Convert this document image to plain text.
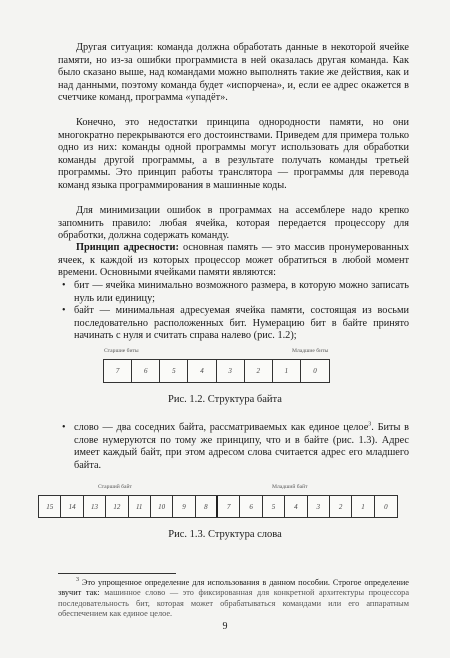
Другая ситуация: команда должна обработать данные в некоторой ячейке памяти, но из-за ошибки программиста в ней оказалась другая команда. Как было сказано выше, над командами можно выполнять такие же действия, как и над данными, поэтому команда будет «испорчена», и, если ее адрес окажется в счетчике команд, программа «упадёт».

Конечно, это недостатки принципа однородности памяти, но они многократно перекрываются его достоинствами. Приведем для примера только одно из них: команды одной программы могут использовать для обработки команды другой программы, а в результате получать команды третьей программы. Это принцип работы транслятора — программы для перевода команд языка программирования в машинные коды.

Для минимизации ошибок в программах на ассемблере надо крепко запомнить правило: любая ячейка, которая передается процессору для обработки, должна содержать команду.

Принцип адресности: основная память — это массив пронумерованных ячеек, к каждой из которых процессор может обратиться в любой момент времени. Основными ячейками памяти являются:

• бит — ячейка минимально возможного размера, в которую можно записать нуль или единицу;
• байт — минимальная адресуемая ячейка памяти, состоящая из восьми последовательно расположенных бит. Нумерацию бит в байте принято начинать с нуля и считать справа налево (рис. 1.2);
Старшие биты	Младшие биты
7	6	5	4	3	2	1	0

Рис. 1.2. Структура байта

• слово — два соседних байта, рассматриваемых как единое целое$^3$. Биты в слове нумеруются по тому же принципу, что и в байте (рис. 1.3). Адрес имеет каждый байт, при этом адресом слова считается адрес его младшего байта.
Старший байт	Младший байт
15	14	13	12	11	10	9	8	7	6	5	4	3	2	1	0

Рис. 1.3. Структура слова

$^3$ Это упрощенное определение для использования в данном пособии. Строгое определение звучит так: машинное слово — это фиксированная для конкретной архитектуры процессора последовательность бит, которая может обрабатываться командами или его аппаратным обеспечением как единое целое.

9
